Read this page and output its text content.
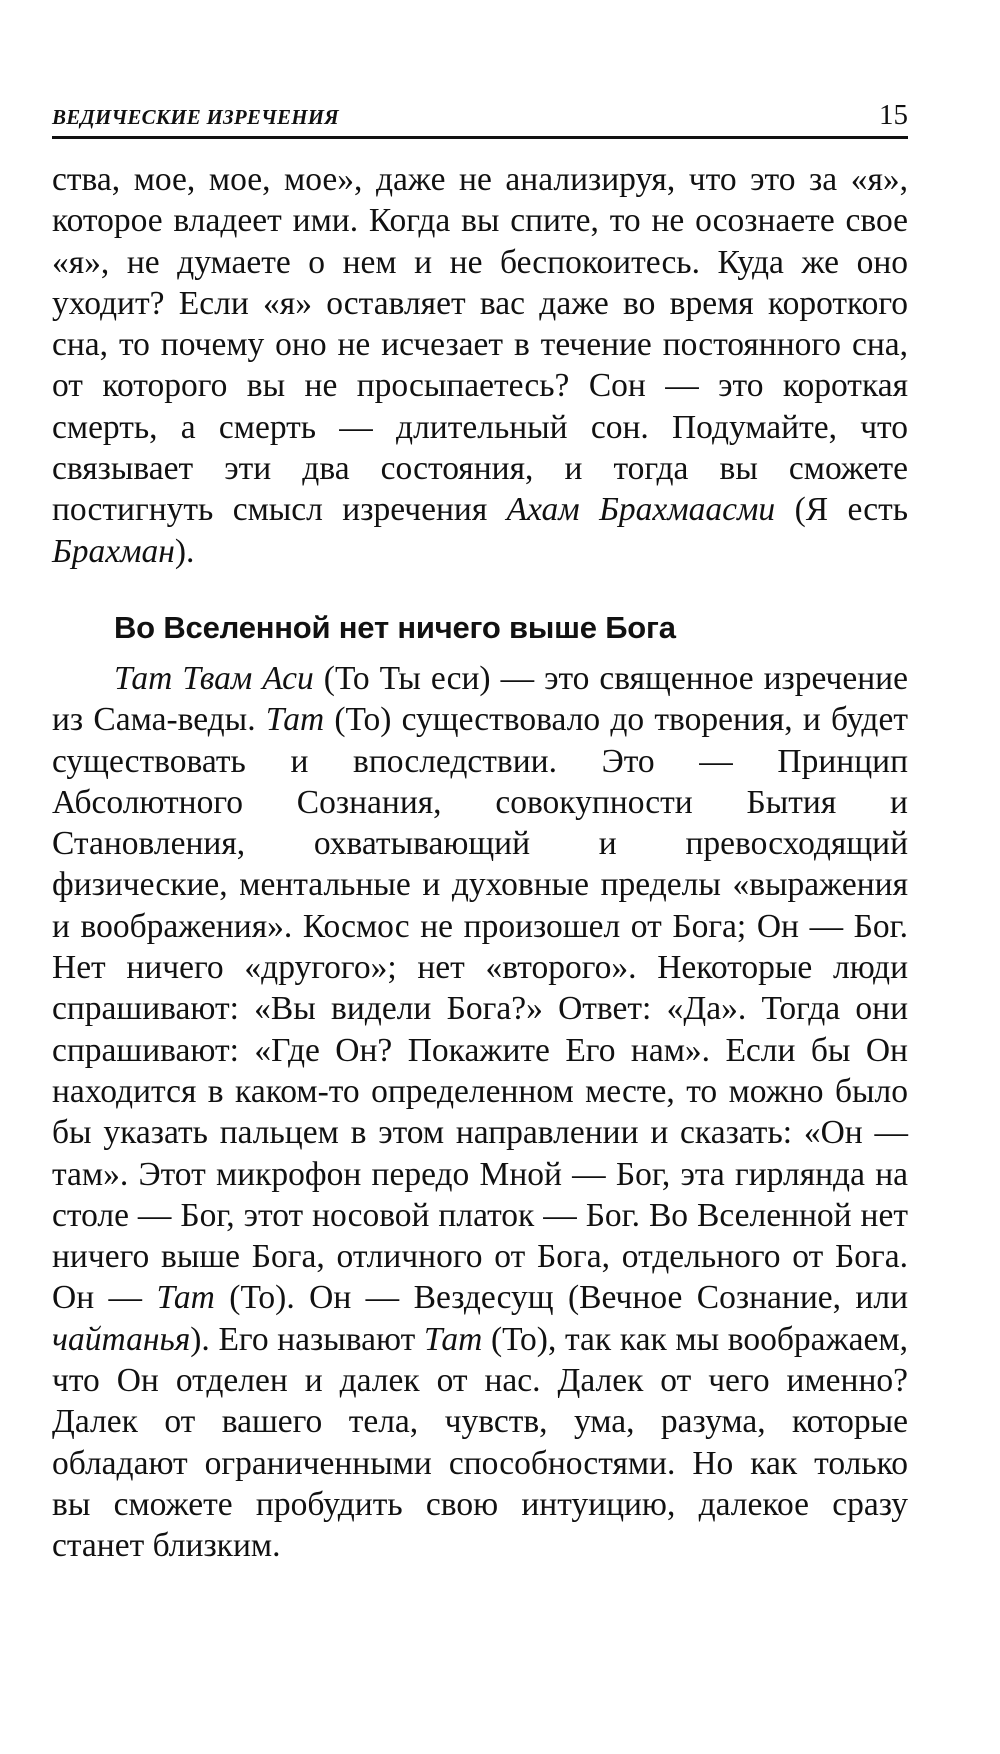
ВЕДИЧЕСКИЕ ИЗРЕЧЕНИЯ	15

ства, мое, мое, мое», даже не анализируя, что это за «я», которое владеет ими. Когда вы спите, то не осознаете свое «я», не думаете о нем и не беспокоитесь. Куда же оно уходит? Если «я» оставляет вас даже во время короткого сна, то почему оно не исчезает в течение постоянного сна, от которого вы не просыпаетесь? Сон — это короткая смерть, а смерть — длительный сон. Подумайте, что связывает эти два состояния, и тогда вы сможете постигнуть смысл изречения Ахам Брахмаасми (Я есть Брахман).

Во Вселенной нет ничего выше Бога

Тат Твам Аси (То Ты еси) — это священное изречение из Сама-веды. Тат (То) существовало до творения, и будет существовать и впоследствии. Это — Принцип Абсолютного Сознания, совокупности Бытия и Становления, охватывающий и превосходящий физические, ментальные и духовные пределы «выражения и воображения». Космос не произошел от Бога; Он — Бог. Нет ничего «другого»; нет «второго». Некоторые люди спрашивают: «Вы видели Бога?» Ответ: «Да». Тогда они спрашивают: «Где Он? Покажите Его нам». Если бы Он находится в каком-то определенном месте, то можно было бы указать пальцем в этом направлении и сказать: «Он — там». Этот микрофон передо Мной — Бог, эта гирлянда на столе — Бог, этот носовой платок — Бог. Во Вселенной нет ничего выше Бога, отличного от Бога, отдельного от Бога. Он — Тат (То). Он — Вездесущ (Вечное Сознание, или чайтанья). Его называют Тат (То), так как мы воображаем, что Он отделен и далек от нас. Далек от чего именно? Далек от вашего тела, чувств, ума, разума, которые обладают ограниченными способностями. Но как только вы сможете пробудить свою интуицию, далекое сразу станет близким.
